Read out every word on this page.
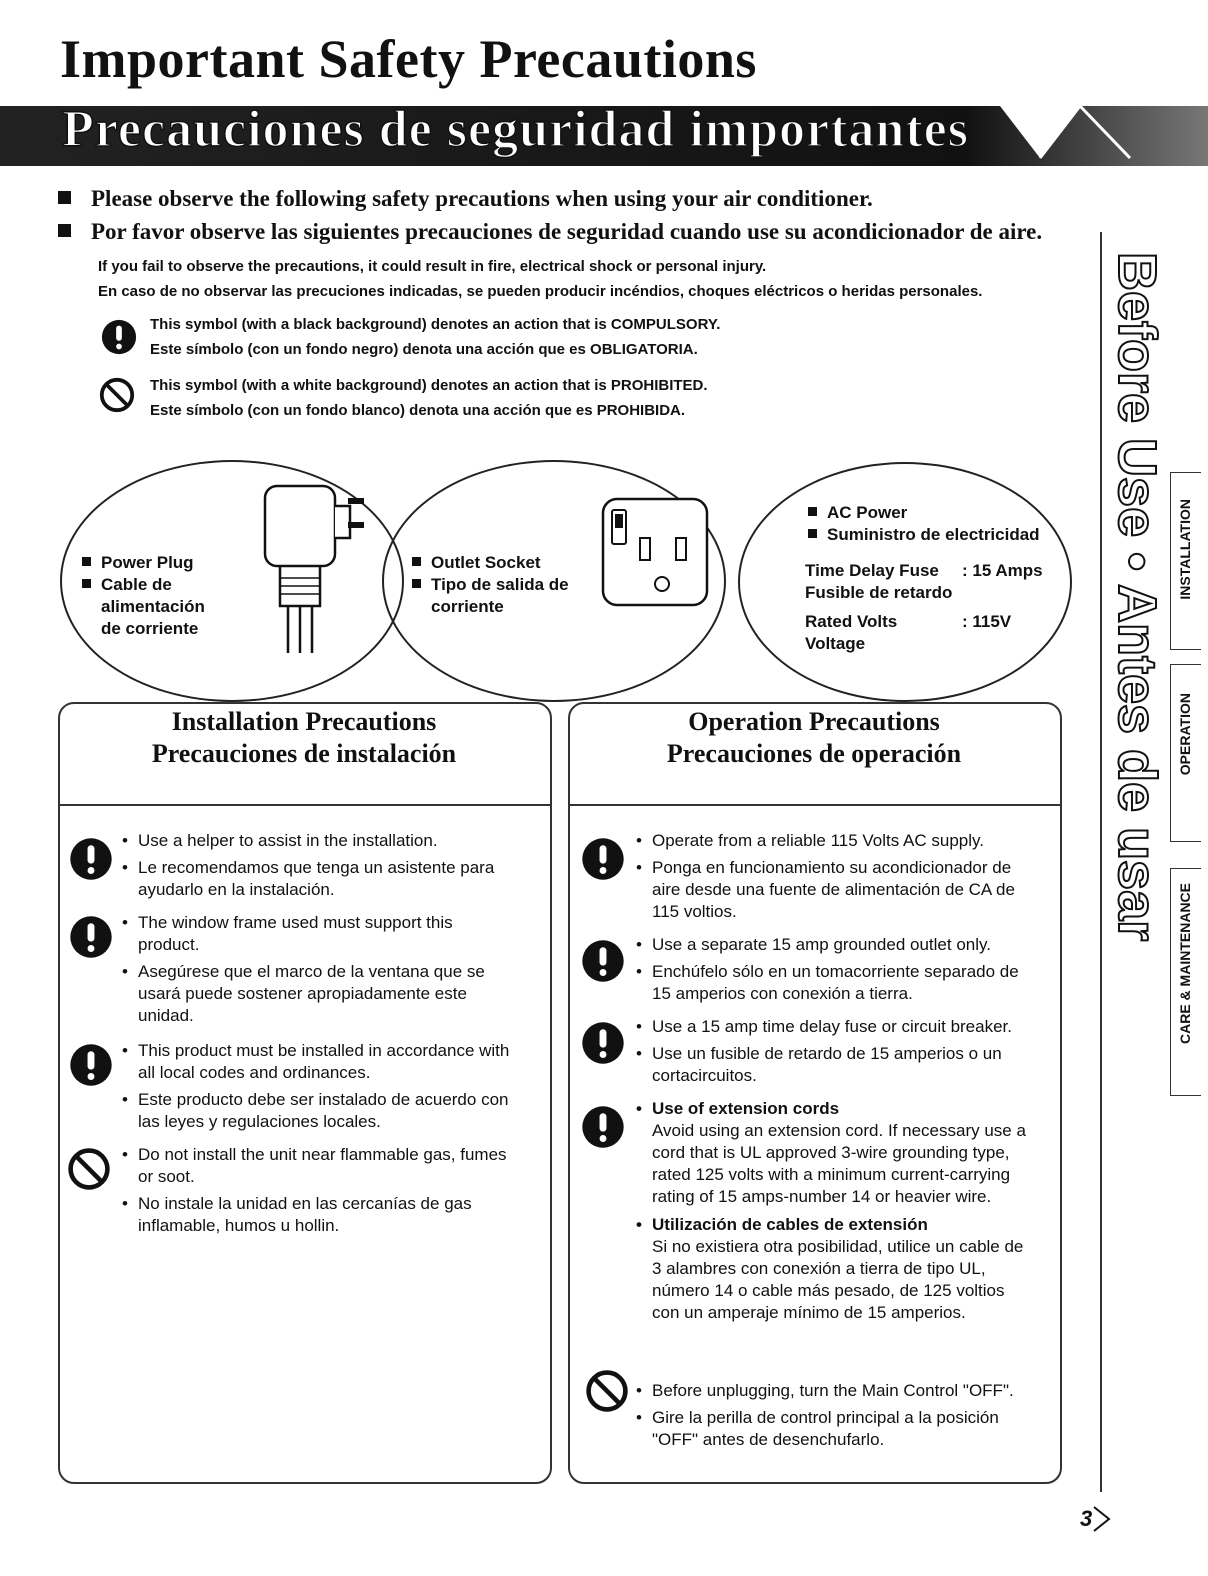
Important Safety Precautions
Precauciones de seguridad importantes
Please observe the following safety precautions when using your air conditioner.
Por favor observe las siguientes precauciones de seguridad cuando use su acondicionador de aire.
If you fail to observe the precautions, it could result in fire, electrical shock or personal injury.
En caso de no observar las precuciones indicadas, se pueden producir incéndios, choques eléctricos o heridas personales.
This symbol (with a black background) denotes an action that is COMPULSORY.
Este símbolo (con un fondo negro) denota una acción que es OBLIGATORIA.
This symbol (with a white background) denotes an action that is PROHIBITED.
Este símbolo (con un fondo blanco) denota una acción que es PROHIBIDA.
Power Plug
Cable de
alimentación
de corriente
Outlet Socket
Tipo de salida de
corriente
AC Power
Suministro de electricidad
Time Delay Fuse
Fusible de retardo
: 15 Amps
Rated Volts
Voltage
: 115V
Installation Precautions
Precauciones de instalación
• Use a helper to assist in the installation.
• Le recomendamos que tenga un asistente para ayudarlo en la instalación.
• The window frame used must support this product.
• Asegúrese que el marco de la ventana que se usará puede sostener apropiadamente este unidad.
• This product must be installed in accordance with all local codes and ordinances.
• Este producto debe ser instalado de acuerdo con las leyes y regulaciones locales.
• Do not install the unit near flammable gas, fumes or soot.
• No instale la unidad en las cercanías de gas inflamable, humos u hollin.
Operation Precautions
Precauciones de operación
• Operate from a reliable 115 Volts AC supply.
• Ponga en funcionamiento su acondicionador de aire desde una fuente de alimentación de CA de 115 voltios.
• Use a separate 15 amp grounded outlet only.
• Enchúfelo sólo en un tomacorriente separado de 15 amperios con conexión a tierra.
• Use a 15 amp time delay fuse or circuit breaker.
• Use un fusible de retardo de 15 amperios o un cortacircuitos.
• Use of extension cords
Avoid using an extension cord. If necessary use a cord that is UL approved 3-wire grounding type, rated 125 volts with a minimum current-carrying rating of 15 amps-number 14 or heavier wire.
• Utilización de cables de extensión
Si no existiera otra posibilidad, utilice un cable de 3 alambres con conexión a tierra de tipo UL, número 14 o cable más pesado, de 125 voltios con un amperaje mínimo de 15 amperios.
• Before unplugging, turn the Main Control "OFF".
• Gire la perilla de control principal a la posición "OFF" antes de desenchufarlo.
Before Use • Antes de usar INSTALLATION
OPERATION
CARE & MAINTENANCE
3
